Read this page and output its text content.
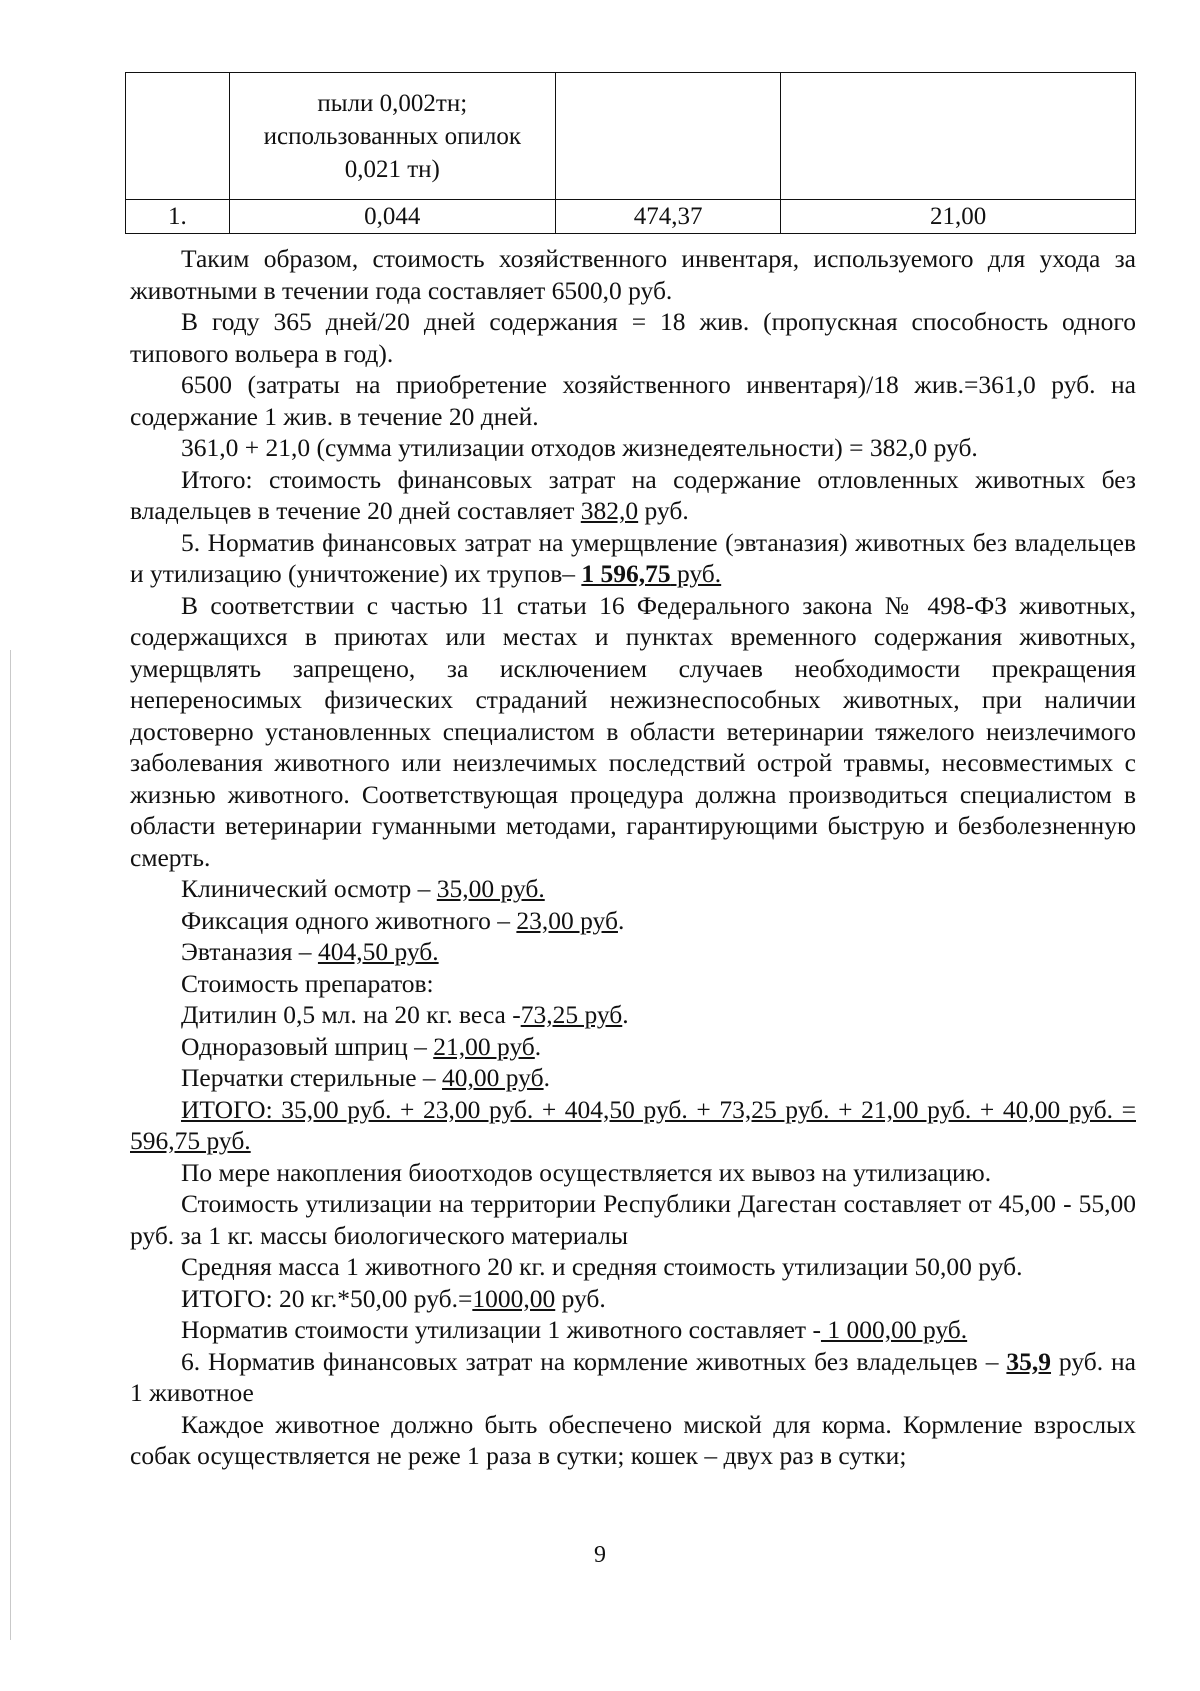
	пыли 0,002тн;
использованных опилок
0,021 тн)		

1.	0,044	474,37	21,00

Таким образом, стоимость хозяйственного инвентаря, используемого для ухода за животными в течении года составляет 6500,0 руб.

В году 365 дней/20 дней содержания = 18 жив. (пропускная способность одного типового вольера в год).

6500 (затраты на приобретение хозяйственного инвентаря)/18 жив.=361,0 руб. на содержание 1 жив. в течение 20 дней.

361,0 + 21,0 (сумма утилизации отходов жизнедеятельности) = 382,0 руб.

Итого: стоимость финансовых затрат на содержание отловленных животных без владельцев в течение 20 дней составляет 382,0 руб.

5. Норматив финансовых затрат на умерщвление (эвтаназия) животных без владельцев и утилизацию (уничтожение) их трупов– 1 596,75 руб.

В соответствии с частью 11 статьи 16 Федерального закона № 498-ФЗ животных, содержащихся в приютах или местах и пунктах временного содержания животных, умерщвлять запрещено, за исключением случаев необходимости прекращения непереносимых физических страданий нежизнеспособных животных, при наличии достоверно установленных специалистом в области ветеринарии тяжелого неизлечимого заболевания животного или неизлечимых последствий острой травмы, несовместимых с жизнью животного. Соответствующая процедура должна производиться специалистом в области ветеринарии гуманными методами, гарантирующими быструю и безболезненную смерть.

Клинический осмотр – 35,00 руб.

Фиксация одного животного – 23,00 руб.

Эвтаназия – 404,50 руб.

Стоимость препаратов:

Дитилин 0,5 мл. на 20 кг. веса -73,25 руб.

Одноразовый шприц – 21,00 руб.

Перчатки стерильные – 40,00 руб.

ИТОГО: 35,00 руб. + 23,00 руб. + 404,50 руб. + 73,25 руб. + 21,00 руб. + 40,00 руб. = 596,75 руб.

По мере накопления биоотходов осуществляется их вывоз на утилизацию.

Стоимость утилизации на территории Республики Дагестан составляет от 45,00 - 55,00 руб. за 1 кг. массы биологического материалы

Средняя масса 1 животного 20 кг. и средняя стоимость утилизации 50,00 руб.

ИТОГО: 20 кг.*50,00 руб.=1000,00 руб.

Норматив стоимости утилизации 1 животного составляет - 1 000,00 руб.

6. Норматив финансовых затрат на кормление животных без владельцев – 35,9 руб. на 1 животное

Каждое животное должно быть обеспечено миской для корма. Кормление взрослых собак осуществляется не реже 1 раза в сутки; кошек – двух раз в сутки;

9
